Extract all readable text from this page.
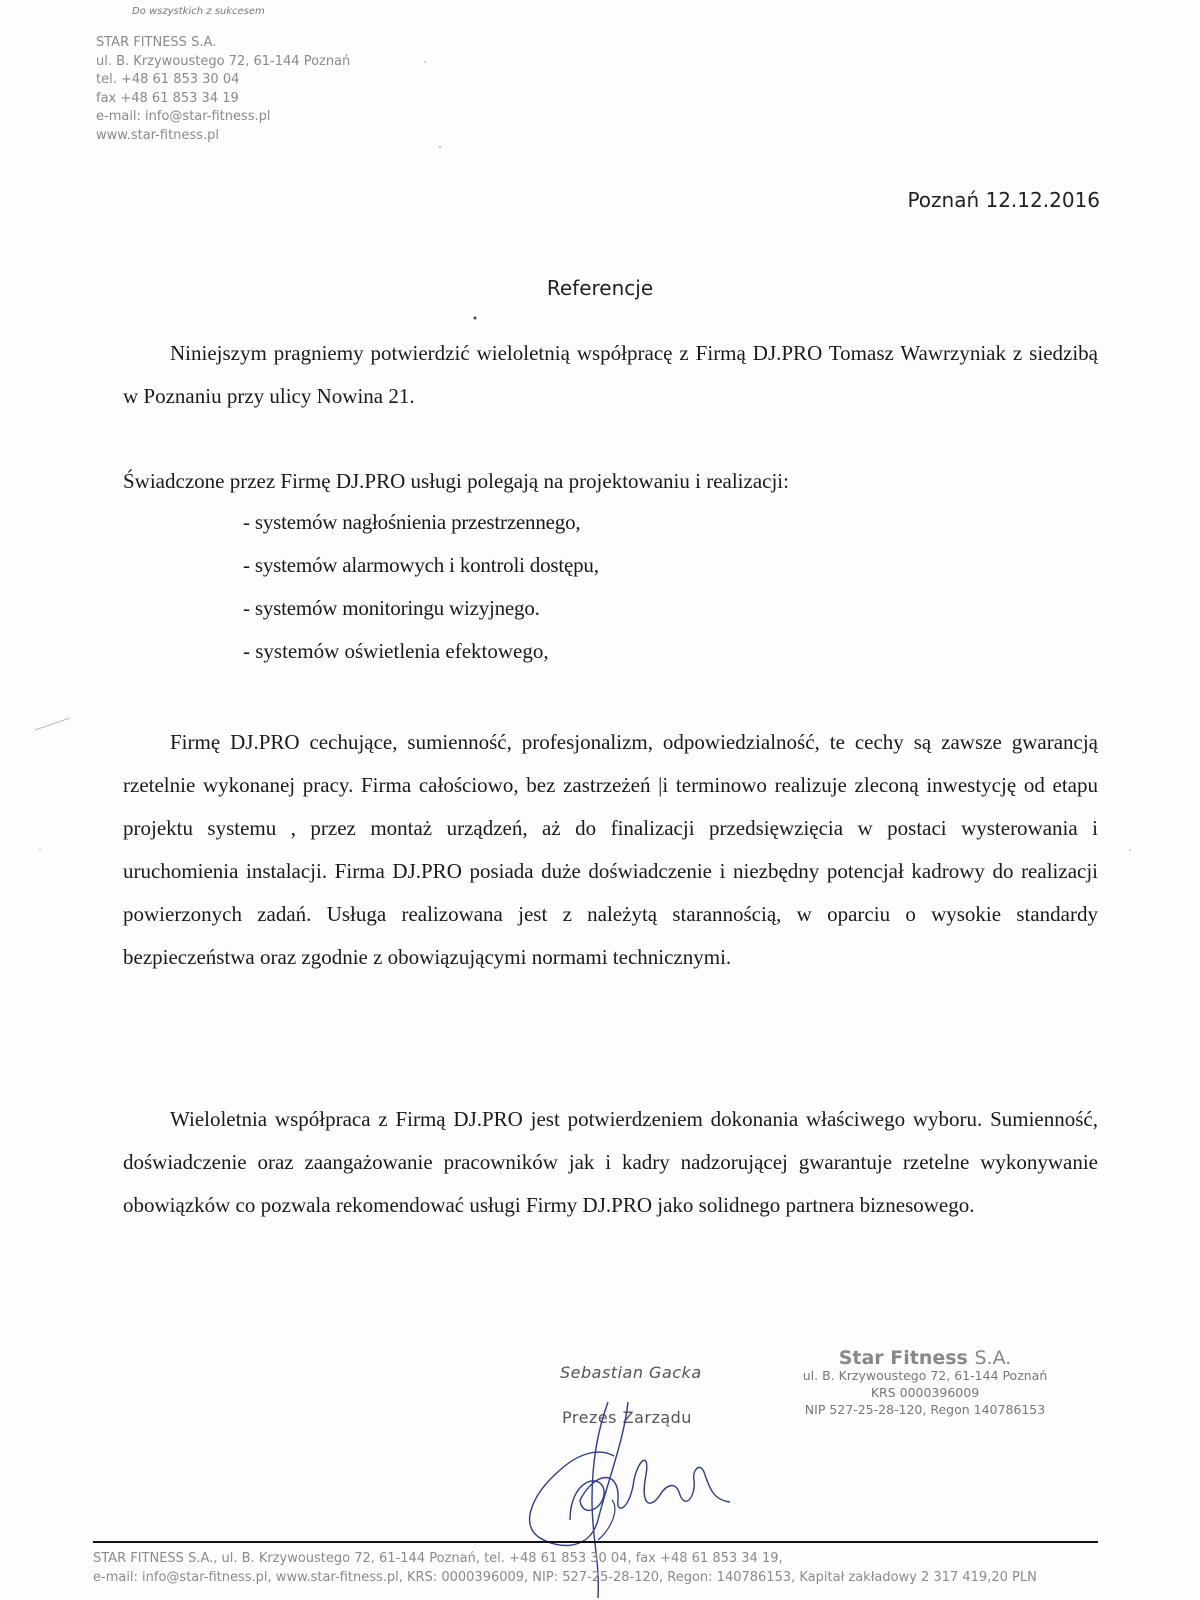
Do wszystkich z sukcesem
STAR FITNESS S.A.
ul. B. Krzywoustego 72, 61-144 Poznań
tel. +48 61 853 30 04
fax +48 61 853 34 19
e-mail: info@star-fitness.pl
www.star-fitness.pl
Poznań 12.12.2016
Referencje

Niniejszym pragniemy potwierdzić wieloletnią współpracę z Firmą DJ.PRO Tomasz Wawrzyniak z siedzibą w Poznaniu przy ulicy Nowina 21.

Świadczone przez Firmę DJ.PRO usługi polegają na projektowaniu i realizacji:

- systemów nagłośnienia przestrzennego,
- systemów alarmowych i kontroli dostępu,
- systemów monitoringu wizyjnego.
- systemów oświetlenia efektowego,

Firmę DJ.PRO cechujące, sumienność, profesjonalizm, odpowiedzialność, te cechy są zawsze gwarancją rzetelnie wykonanej pracy. Firma całościowo, bez zastrzeżeń |i terminowo realizuje zleconą inwestycję od etapu projektu systemu , przez montaż urządzeń, aż do finalizacji przedsięwzięcia w postaci wysterowania i uruchomienia instalacji. Firma DJ.PRO posiada duże doświadczenie i niezbędny potencjał kadrowy do realizacji powierzonych zadań. Usługa realizowana jest z należytą starannością, w oparciu o wysokie standardy bezpieczeństwa oraz zgodnie z obowiązującymi normami technicznymi.

Wieloletnia współpraca z Firmą DJ.PRO jest potwierdzeniem dokonania właściwego wyboru. Sumienność, doświadczenie oraz zaangażowanie pracowników jak i kadry nadzorującej gwarantuje rzetelne wykonywanie obowiązków co pozwala rekomendować usługi Firmy DJ.PRO jako solidnego partnera biznesowego.

Sebastian Gacka
Prezes Zarządu
Star Fitness S.A.
ul. B. Krzywoustego 72, 61-144 Poznań
KRS 0000396009
NIP 527-25-28-120, Regon 140786153
STAR FITNESS S.A., ul. B. Krzywoustego 72, 61-144 Poznań, tel. +48 61 853 30 04, fax +48 61 853 34 19,
e-mail: info@star-fitness.pl, www.star-fitness.pl, KRS: 0000396009, NIP: 527-25-28-120, Regon: 140786153, Kapitał zakładowy 2 317 419,20 PLN
